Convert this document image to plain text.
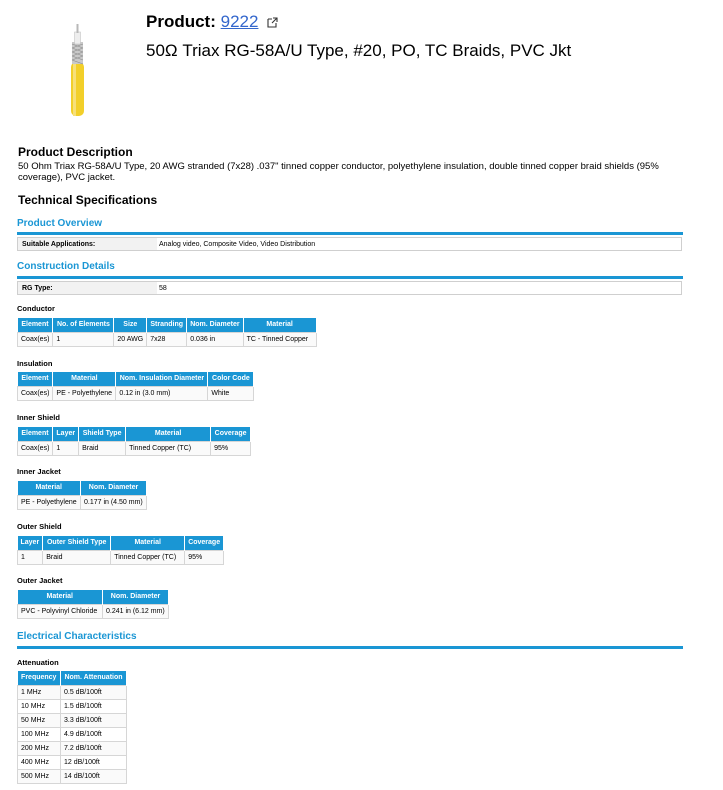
Product: 9222
50Ω Triax RG-58A/U Type, #20, PO, TC Braids, PVC Jkt
Product Description
50 Ohm Triax RG-58A/U Type, 20 AWG stranded (7x28) .037" tinned copper conductor, polyethylene insulation, double tinned copper braid shields (95% coverage), PVC jacket.
Technical Specifications
Product Overview
Suitable Applications:	Analog video, Composite Video, Video Distribution
Construction Details
RG Type:	58
Conductor
Element	No. of Elements	Size	Stranding	Nom. Diameter	Material
Coax(es)	1	20 AWG	7x28	0.036 in	TC - Tinned Copper
Insulation
Element	Material	Nom. Insulation Diameter	Color Code
Coax(es)	PE - Polyethylene	0.12 in (3.0 mm)	White
Inner Shield
Element	Layer	Shield Type	Material	Coverage
Coax(es)	1	Braid	Tinned Copper (TC)	95%
Inner Jacket
Material	Nom. Diameter
PE - Polyethylene	0.177 in (4.50 mm)
Outer Shield
Layer	Outer Shield Type	Material	Coverage
1	Braid	Tinned Copper (TC)	95%
Outer Jacket
Material	Nom. Diameter
PVC - Polyvinyl Chloride	0.241 in (6.12 mm)
Electrical Characteristics
Attenuation
Frequency	Nom. Attenuation
1 MHz	0.5 dB/100ft
10 MHz	1.5 dB/100ft
50 MHz	3.3 dB/100ft
100 MHz	4.9 dB/100ft
200 MHz	7.2 dB/100ft
400 MHz	12 dB/100ft
500 MHz	14 dB/100ft
